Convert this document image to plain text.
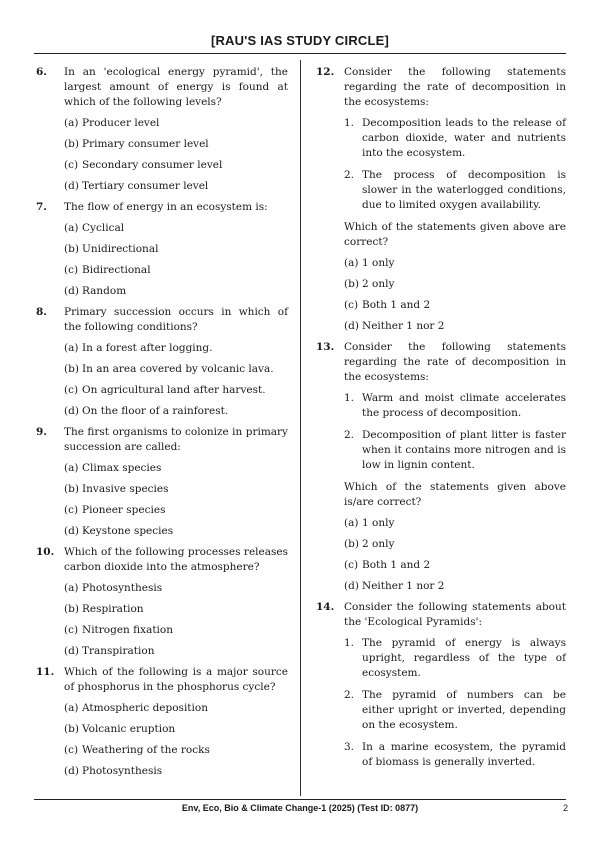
[RAU'S IAS STUDY CIRCLE]
6. In an 'ecological energy pyramid', the largest amount of energy is found at which of the following levels?
(a) Producer level
(b) Primary consumer level
(c) Secondary consumer level
(d) Tertiary consumer level
7. The flow of energy in an ecosystem is:
(a) Cyclical
(b) Unidirectional
(c) Bidirectional
(d) Random
8. Primary succession occurs in which of the following conditions?
(a) In a forest after logging.
(b) In an area covered by volcanic lava.
(c) On agricultural land after harvest.
(d) On the floor of a rainforest.
9. The first organisms to colonize in primary succession are called:
(a) Climax species
(b) Invasive species
(c) Pioneer species
(d) Keystone species
10. Which of the following processes releases carbon dioxide into the atmosphere?
(a) Photosynthesis
(b) Respiration
(c) Nitrogen fixation
(d) Transpiration
11. Which of the following is a major source of phosphorus in the phosphorus cycle?
(a) Atmospheric deposition
(b) Volcanic eruption
(c) Weathering of the rocks
(d) Photosynthesis
12. Consider the following statements regarding the rate of decomposition in the ecosystems:
1. Decomposition leads to the release of carbon dioxide, water and nutrients into the ecosystem.
2. The process of decomposition is slower in the waterlogged conditions, due to limited oxygen availability.
Which of the statements given above are correct?
(a) 1 only
(b) 2 only
(c) Both 1 and 2
(d) Neither 1 nor 2
13. Consider the following statements regarding the rate of decomposition in the ecosystems:
1. Warm and moist climate accelerates the process of decomposition.
2. Decomposition of plant litter is faster when it contains more nitrogen and is low in lignin content.
Which of the statements given above is/are correct?
(a) 1 only
(b) 2 only
(c) Both 1 and 2
(d) Neither 1 nor 2
14. Consider the following statements about the 'Ecological Pyramids':
1. The pyramid of energy is always upright, regardless of the type of ecosystem.
2. The pyramid of numbers can be either upright or inverted, depending on the ecosystem.
3. In a marine ecosystem, the pyramid of biomass is generally inverted.
Env, Eco, Bio & Climate Change-1 (2025) (Test ID: 0877)	2
